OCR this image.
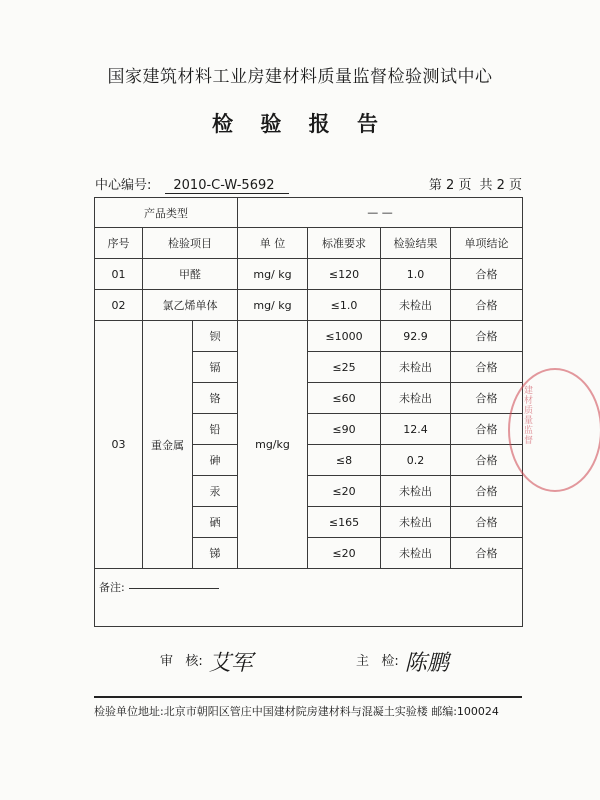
国家建筑材料工业房建材料质量监督检验测试中心
检 验 报 告
中心编号: 2010-C-W-5692	第 2 页 共 2 页
产品类型			— —			
序号	检验项目		单 位	标准要求	检验结果	单项结论
01	甲醛		mg/ kg	≤120	1.0	合格
02	氯乙烯单体		mg/ kg	≤1.0	未检出	合格
03	重金属	钡	mg/kg	≤1000	92.9	合格
		镉		≤25	未检出	合格
		铬		≤60	未检出	合格
		铅		≤90	12.4	合格
		砷		≤8	0.2	合格
		汞		≤20	未检出	合格
		硒		≤165	未检出	合格
		锑		≤20	未检出	合格
备注:						
建材质量监督
审   核: 艾军	主   检: 陈鹏
检验单位地址:北京市朝阳区管庄中国建材院房建材料与混凝土实验楼 邮编:100024
